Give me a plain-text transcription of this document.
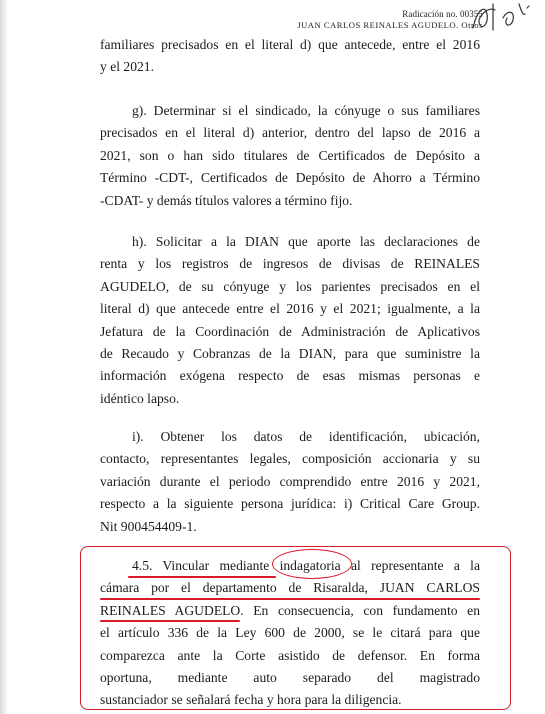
Radicación no. 00355
JUAN CARLOS REINALES AGUDELO. Otros
familiares precisados en el literal d) que antecede, entre el 2016
y el 2021.
g). Determinar si el sindicado, la cónyuge o sus familiares
precisados en el literal d) anterior, dentro del lapso de 2016 a
2021, son o han sido titulares de Certificados de Depósito a
Término -CDT-, Certificados de Depósito de Ahorro a Término
-CDAT- y demás títulos valores a término fijo.
h). Solicitar a la DIAN que aporte las declaraciones de
renta y los registros de ingresos de divisas de REINALES
AGUDELO, de su cónyuge y los parientes precisados en el
literal d) que antecede entre el 2016 y el 2021; igualmente, a la
Jefatura de la Coordinación de Administración de Aplicativos
de Recaudo y Cobranzas de la DIAN, para que suministre la
información exógena respecto de esas mismas personas e
idéntico lapso.
i). Obtener los datos de identificación, ubicación,
contacto, representantes legales, composición accionaria y su
variación durante el periodo comprendido entre 2016 y 2021,
respecto a la siguiente persona jurídica: i) Critical Care Group.
Nit 900454409-1.
4.5. Vincular mediante indagatoria al representante a la
cámara por el departamento de Risaralda, JUAN CARLOS
REINALES AGUDELO. En consecuencia, con fundamento en
el artículo 336 de la Ley 600 de 2000, se le citará para que
comparezca ante la Corte asistido de defensor. En forma
oportuna, mediante auto separado del magistrado
sustanciador se señalará fecha y hora para la diligencia.
